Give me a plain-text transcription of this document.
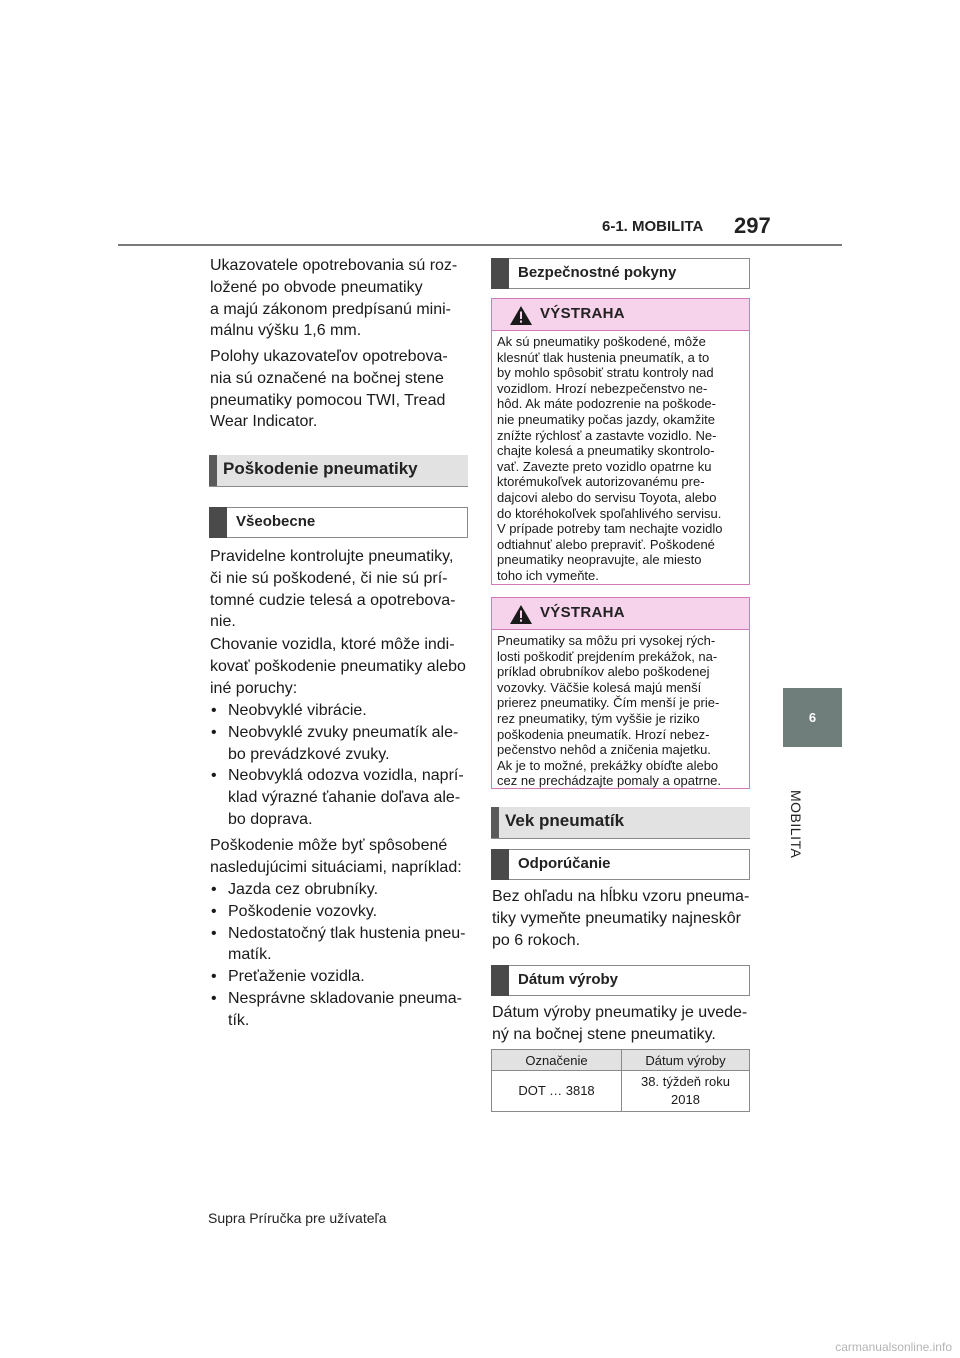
6-1. MOBILITA 297
6
MOBILITA
Ukazovatele opotrebovania sú roz-
ložené po obvode pneumatiky
a majú zákonom predpísanú mini-
málnu výšku 1,6 mm.
Polohy ukazovateľov opotrebova-
nia sú označené na bočnej stene
pneumatiky pomocou TWI, Tread
Wear Indicator.
Poškodenie pneumatiky
Všeobecne
Pravidelne kontrolujte pneumatiky,
či nie sú poškodené, či nie sú prí-
tomné cudzie telesá a opotrebova-
nie.
Chovanie vozidla, ktoré môže indi-
kovať poškodenie pneumatiky alebo
iné poruchy:
• Neobvyklé vibrácie.
• Neobvyklé zvuky pneumatík ale-
bo prevádzkové zvuky.
• Neobvyklá odozva vozidla, naprí-
klad výrazné ťahanie doľava ale-
bo doprava.
Poškodenie môže byť spôsobené
nasledujúcimi situáciami, napríklad:
• Jazda cez obrubníky.
• Poškodenie vozovky.
• Nedostatočný tlak hustenia pneu-
matík.
• Preťaženie vozidla.
• Nesprávne skladovanie pneuma-
tík.
Bezpečnostné pokyny
VÝSTRAHA
Ak sú pneumatiky poškodené, môže
klesnúť tlak hustenia pneumatík, a to
by mohlo spôsobiť stratu kontroly nad
vozidlom. Hrozí nebezpečenstvo ne-
hôd. Ak máte podozrenie na poškode-
nie pneumatiky počas jazdy, okamžite
znížte rýchlosť a zastavte vozidlo. Ne-
chajte kolesá a pneumatiky skontrolo-
vať. Zavezte preto vozidlo opatrne ku
ktorémukoľvek autorizovanému pre-
dajcovi alebo do servisu Toyota, alebo
do ktoréhokoľvek spoľahlivého servisu.
V prípade potreby tam nechajte vozidlo
odtiahnuť alebo prepraviť. Poškodené
pneumatiky neopravujte, ale miesto
toho ich vymeňte.
VÝSTRAHA
Pneumatiky sa môžu pri vysokej rých-
losti poškodiť prejdením prekážok, na-
príklad obrubníkov alebo poškodenej
vozovky. Väčšie kolesá majú menší
prierez pneumatiky. Čím menší je prie-
rez pneumatiky, tým vyššie je riziko
poškodenia pneumatík. Hrozí nebez-
pečenstvo nehôd a zničenia majetku.
Ak je to možné, prekážky obíďte alebo
cez ne prechádzajte pomaly a opatrne.
Vek pneumatík
Odporúčanie
Bez ohľadu na hĺbku vzoru pneuma-
tiky vymeňte pneumatiky najneskôr
po 6 rokoch.
Dátum výroby
Dátum výroby pneumatiky je uvede-
ný na bočnej stene pneumatiky.
Označenie	Dátum výroby
DOT … 3818	38. týždeň roku
2018
Supra Príručka pre užívateľa
carmanualsonline.info
